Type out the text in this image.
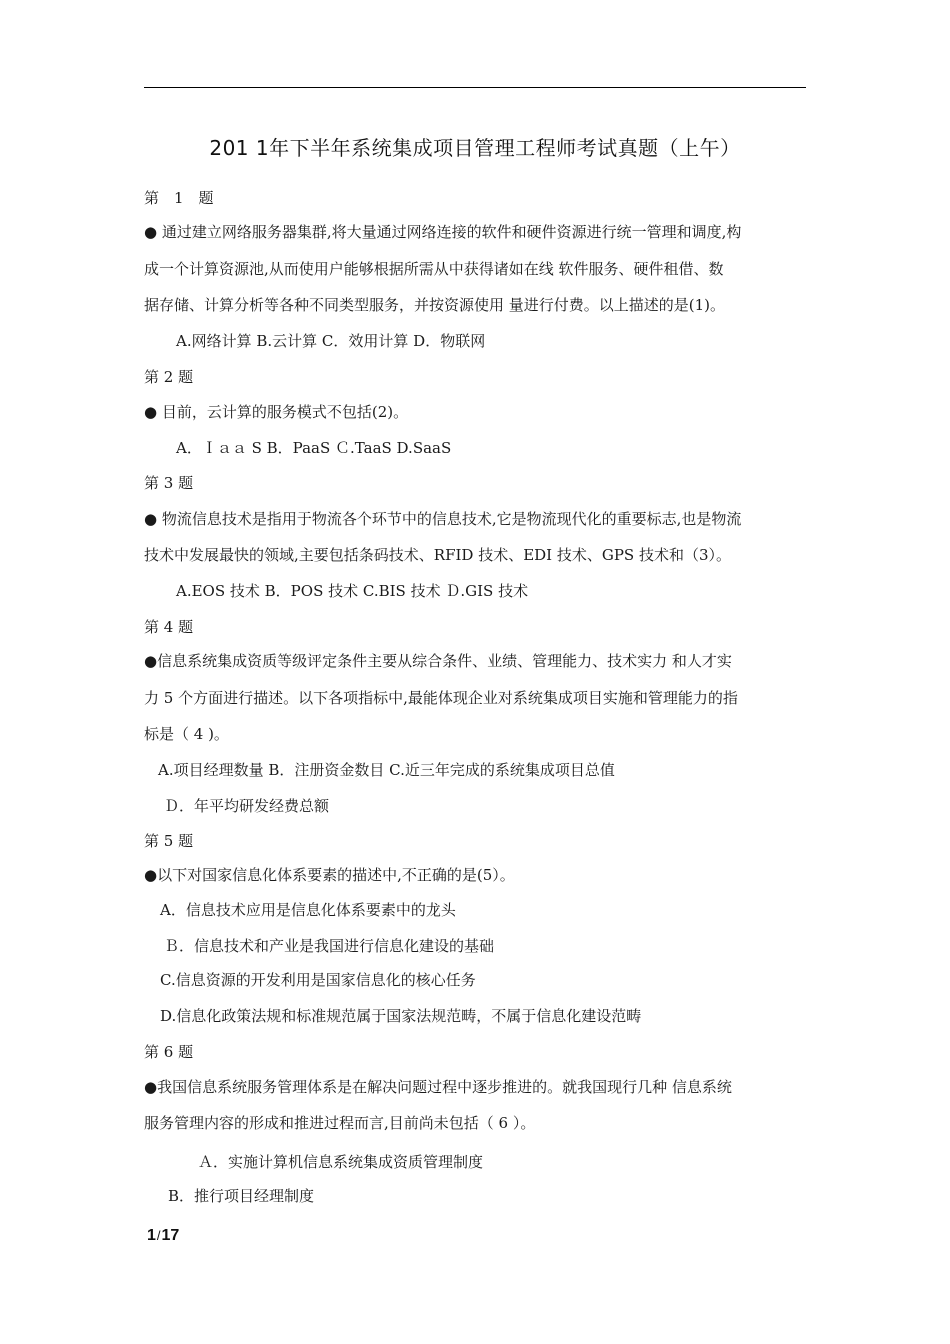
201 1年下半年系统集成项目管理工程师考试真题（上午）
第　1　题
● 通过建立网络服务器集群,将大量通过网络连接的软件和硬件资源进行统一管理和调度,构
成一个计算资源池,从而使用户能够根据所需从中获得诸如在线 软件服务、硬件租借、数
据存储、计算分析等各种不同类型服务，并按资源使用 量进行付费。以上描述的是(1)。
A.网络计算 B.云计算 C．效用计算 D．物联网
第 2 题
● 目前，云计算的服务模式不包括(2)。
A．Ｉａａ S B．PaaS Ｃ.TaaS D.SaaS
第 3 题
● 物流信息技术是指用于物流各个环节中的信息技术,它是物流现代化的重要标志,也是物流
技术中发展最快的领域,主要包括条码技术、RFID 技术、EDI 技术、GPS 技术和（3）。
A.EOS 技术 B．POS 技术 C.BIS 技术 Ｄ.GIS 技术
第 4 题
●信息系统集成资质等级评定条件主要从综合条件、业绩、管理能力、技术实力 和人才实
力 5 个方面进行描述。以下各项指标中,最能体现企业对系统集成项目实施和管理能力的指
标是（ 4 )。
A.项目经理数量 B．注册资金数目 C.近三年完成的系统集成项目总值
Ｄ．年平均研发经费总额
第 5 题
●以下对国家信息化体系要素的描述中,不正确的是(5）。
A．信息技术应用是信息化体系要素中的龙头
Ｂ．信息技术和产业是我国进行信息化建设的基础
C.信息资源的开发利用是国家信息化的核心任务
D.信息化政策法规和标准规范属于国家法规范畴，不属于信息化建设范畴
第 6 题
●我国信息系统服务管理体系是在解决问题过程中逐步推进的。就我国现行几种 信息系统
服务管理内容的形成和推进过程而言,目前尚未包括（ 6 ）。
Ａ．实施计算机信息系统集成资质管理制度
B．推行项目经理制度
1/17
